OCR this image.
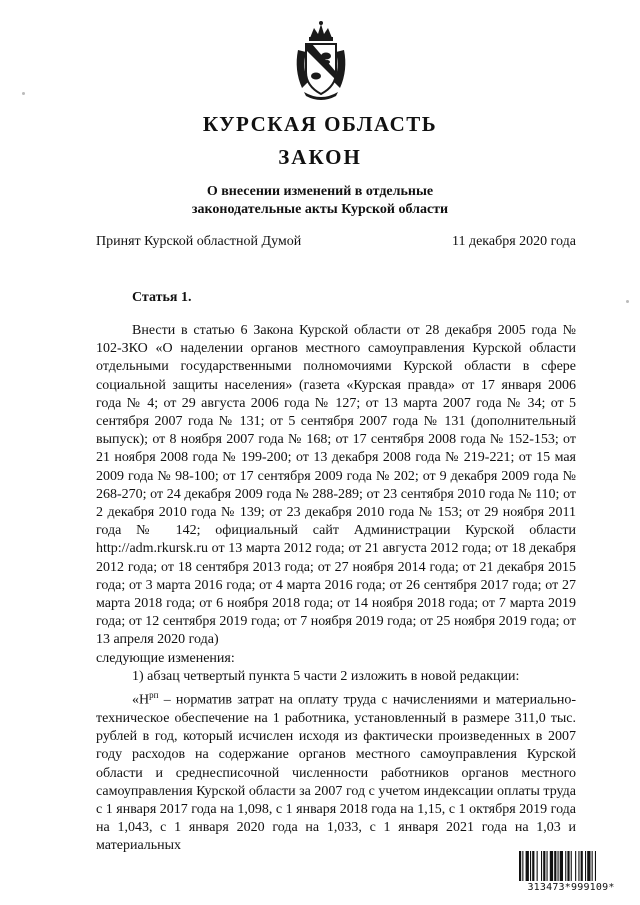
КУРСКАЯ ОБЛАСТЬ
ЗАКОН
О внесении изменений в отдельные
законодательные акты Курской области
Принят Курской областной Думой	11 декабря 2020 года
Статья 1.

Внести в статью 6 Закона Курской области от 28 декабря 2005 года № 102-ЗКО «О наделении органов местного самоуправления Курской области отдельными государственными полномочиями Курской области в сфере социальной защиты населения» (газета «Курская правда» от 17 января 2006 года № 4; от 29 августа 2006 года № 127; от 13 марта 2007 года № 34; от 5 сентября 2007 года № 131; от 5 сентября 2007 года № 131 (дополнительный выпуск); от 8 ноября 2007 года № 168; от 17 сентября 2008 года № 152-153; от 21 ноября 2008 года № 199-200; от 13 декабря 2008 года № 219-221; от 15 мая 2009 года № 98-100; от 17 сентября 2009 года № 202; от 9 декабря 2009 года № 268-270; от 24 декабря 2009 года № 288-289; от 23 сентября 2010 года № 110; от 2 декабря 2010 года № 139; от 23 декабря 2010 года № 153; от 29 ноября 2011 года № 142; официальный сайт Администрации Курской области http://adm.rkursk.ru от 13 марта 2012 года; от 21 августа 2012 года; от 18 декабря 2012 года; от 18 сентября 2013 года; от 27 ноября 2014 года; от 21 декабря 2015 года; от 3 марта 2016 года; от 4 марта 2016 года; от 26 сентября 2017 года; от 27 марта 2018 года; от 6 ноября 2018 года; от 14 ноября 2018 года; от 7 марта 2019 года; от 12 сентября 2019 года; от 7 ноября 2019 года; от 25 ноября 2019 года; от 13 апреля 2020 года)

следующие изменения:

1) абзац четвертый пункта 5 части 2 изложить в новой редакции:

«$Н^{рп}$ – норматив затрат на оплату труда с начислениями и материально-техническое обеспечение на 1 работника, установленный в размере 311,0 тыс. рублей в год, который исчислен исходя из фактически произведенных в 2007 году расходов на содержание органов местного самоуправления Курской области и среднесписочной численности работников органов местного самоуправления Курской области за 2007 год с учетом индексации оплаты труда с 1 января 2017 года на 1,098, с 1 января 2018 года на 1,15, с 1 октября 2019 года на 1,043, с 1 января 2020 года на 1,033, с 1 января 2021 года на 1,03 и материальных

313473*999109*
